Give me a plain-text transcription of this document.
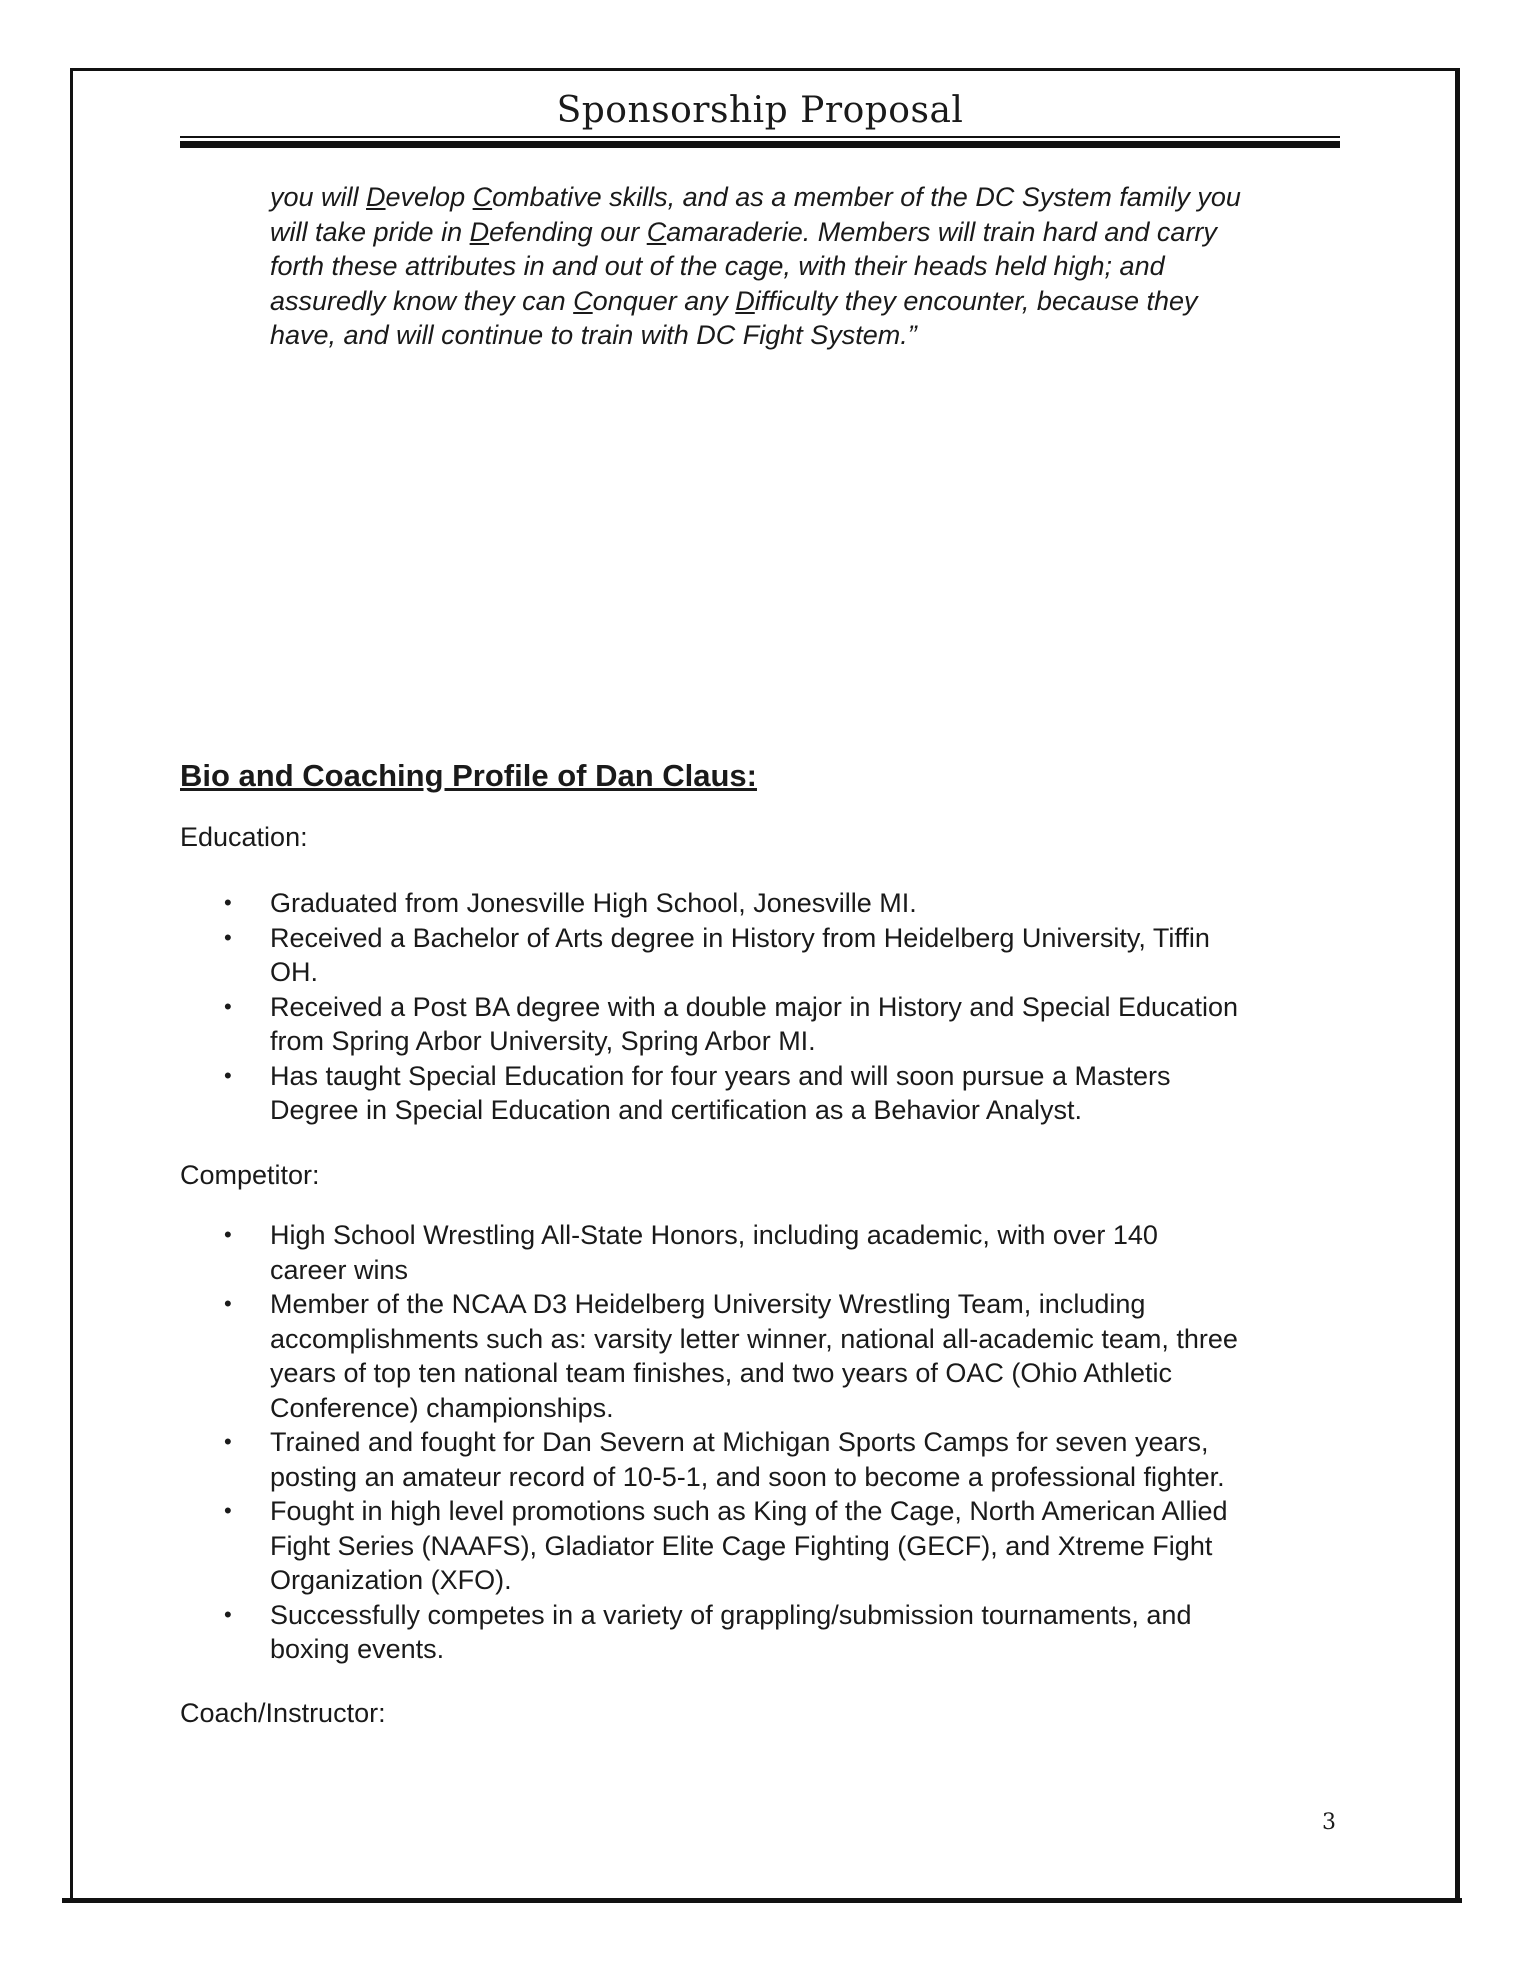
Sponsorship Proposal
you will Develop Combative skills, and as a member of the DC System family you
will take pride in Defending our Camaraderie. Members will train hard and carry
forth these attributes in and out of the cage, with their heads held high; and
assuredly know they can Conquer any Difficulty they encounter, because they
have, and will continue to train with DC Fight System.”
Bio and Coaching Profile of Dan Claus:
Education:
• Graduated from Jonesville High School, Jonesville MI.
• Received a Bachelor of Arts degree in History from Heidelberg University, Tiffin
OH.
• Received a Post BA degree with a double major in History and Special Education
from Spring Arbor University, Spring Arbor MI.
• Has taught Special Education for four years and will soon pursue a Masters
Degree in Special Education and certification as a Behavior Analyst.
Competitor:
• High School Wrestling All-State Honors, including academic, with over 140
career wins
• Member of the NCAA D3 Heidelberg University Wrestling Team, including
accomplishments such as: varsity letter winner, national all-academic team, three
years of top ten national team finishes, and two years of OAC (Ohio Athletic
Conference) championships.
• Trained and fought for Dan Severn at Michigan Sports Camps for seven years,
posting an amateur record of 10-5-1, and soon to become a professional fighter.
• Fought in high level promotions such as King of the Cage, North American Allied
Fight Series (NAAFS), Gladiator Elite Cage Fighting (GECF), and Xtreme Fight
Organization (XFO).
• Successfully competes in a variety of grappling/submission tournaments, and
boxing events.
Coach/Instructor:
3
